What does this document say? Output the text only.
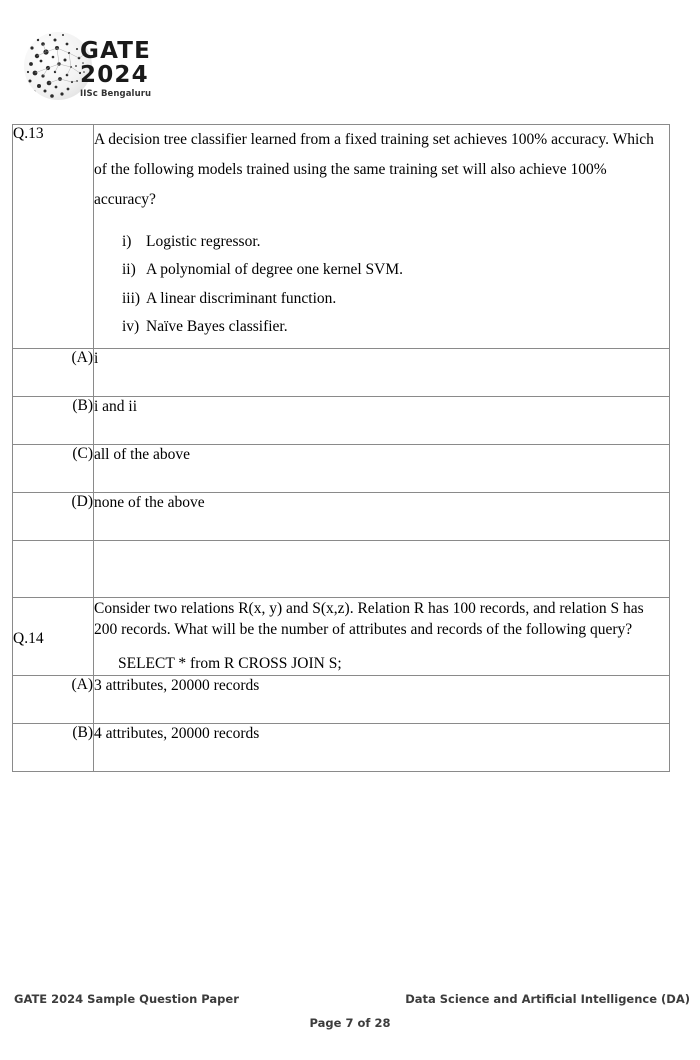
GATE
2024
IISc Bengaluru
Q.13	A decision tree classifier learned from a fixed training set achieves 100% accuracy. Which of the following models trained using the same training set will also achieve 100% accuracy?

i) Logistic regressor.
ii) A polynomial of degree one kernel SVM.
iii) A linear discriminant function.
iv) Naïve Bayes classifier.

(A)	i
(B)	i and ii
(C)	all of the above
(D)	none of the above

Q.14	Consider two relations R(x, y) and S(x,z). Relation R has 100 records, and relation S has 200 records. What will be the number of attributes and records of the following query?

SELECT * from R CROSS JOIN S;

(A)	3 attributes, 20000 records
(B)	4 attributes, 20000 records
GATE 2024 Sample Question Paper	Data Science and Artificial Intelligence (DA)
Page 7 of 28
